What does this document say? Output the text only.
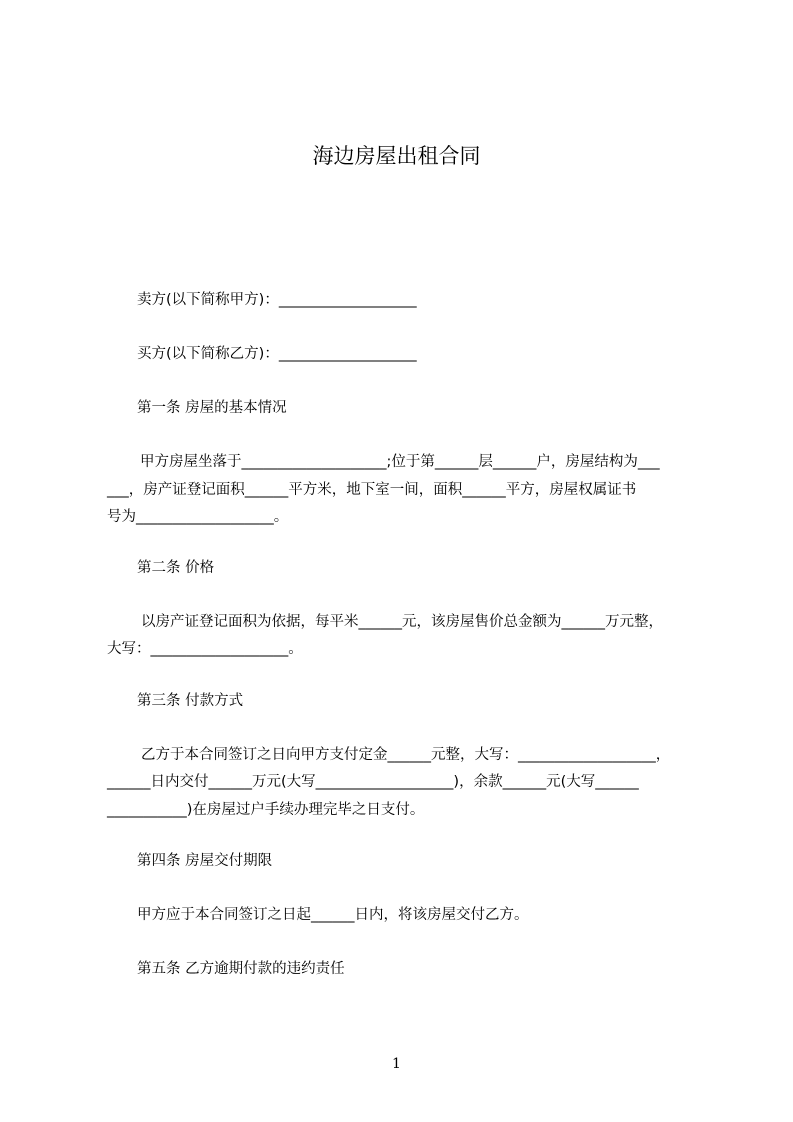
海边房屋出租合同
卖方(以下简称甲方)：___________________
买方(以下简称乙方)：___________________
第一条 房屋的基本情况
甲方房屋坐落于____________________;位于第______层______户，房屋结构为___
___，房产证登记面积______平方米，地下室一间，面积______平方，房屋权属证书
号为___________________。
第二条 价格
以房产证登记面积为依据，每平米______元，该房屋售价总金额为______万元整，
大写：___________________。
第三条 付款方式
乙方于本合同签订之日向甲方支付定金______元整，大写：___________________，
______日内交付______万元(大写___________________)，余款______元(大写______
___________)在房屋过户手续办理完毕之日支付。
第四条 房屋交付期限
甲方应于本合同签订之日起______日内，将该房屋交付乙方。
第五条 乙方逾期付款的违约责任
1
